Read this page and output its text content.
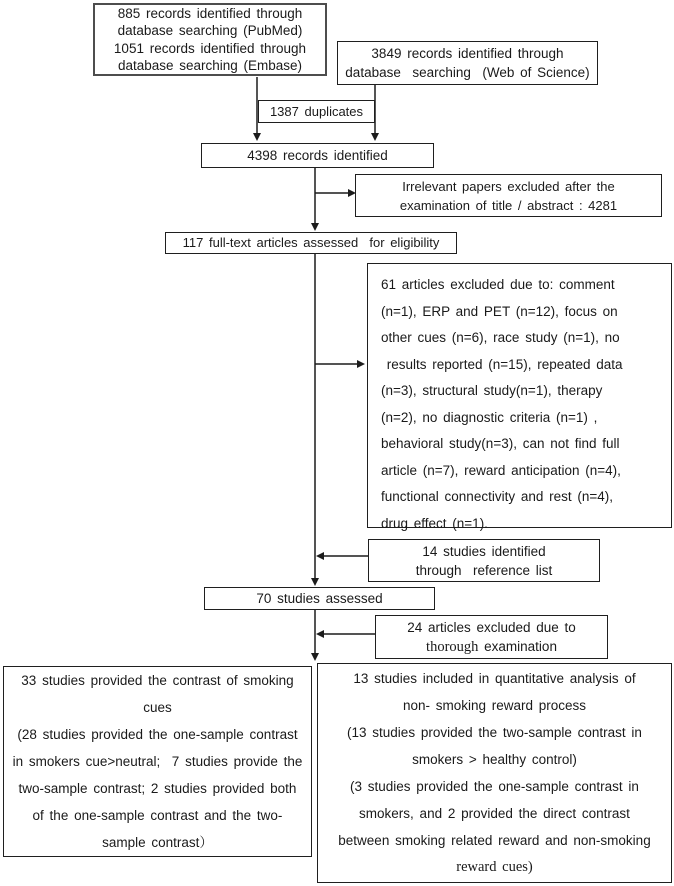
885 records identified through
database searching (PubMed)
1051 records identified through
database searching (Embase)
3849 records identified through
database  searching  (Web of Science)
1387 duplicates
4398 records identified
Irrelevant papers excluded after the
examination of title / abstract : 4281
117 full-text articles assessed  for eligibility
61 articles excluded due to: comment
(n=1), ERP and PET (n=12), focus on
other cues (n=6), race study (n=1), no
results reported (n=15), repeated data
(n=3), structural study(n=1), therapy
(n=2), no diagnostic criteria (n=1) ,
behavioral study(n=3), can not find full
article (n=7), reward anticipation (n=4),
functional connectivity and rest (n=4),
drug effect (n=1).
14 studies identified
through  reference list
70 studies assessed
24 articles excluded due to
thorough examination
33 studies provided the contrast of smoking
cues
(28 studies provided the one-sample contrast
in smokers cue>neutral;  7 studies provide the
two-sample contrast; 2 studies provided both
of the one-sample contrast and the two-
sample contrast）
13 studies included in quantitative analysis of
non- smoking reward process
(13 studies provided the two-sample contrast in
smokers > healthy control)
(3 studies provided the one-sample contrast in
smokers, and 2 provided the direct contrast
between smoking related reward and non-smoking
reward cues)
